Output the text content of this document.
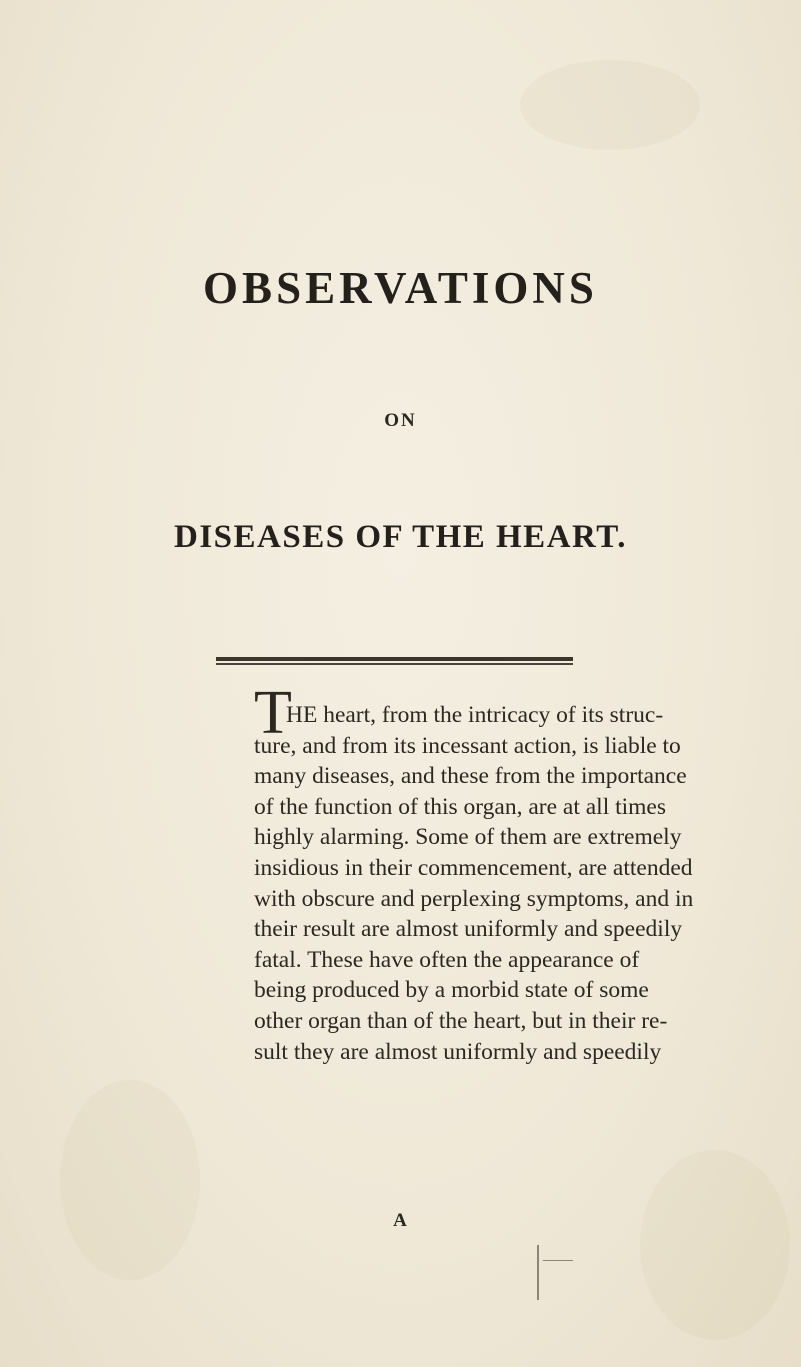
OBSERVATIONS
ON
DISEASES OF THE HEART.
T
HE heart, from the intricacy of its struc-
ture, and from its incessant action, is liable to
many diseases, and these from the importance
of the function of this organ, are at all times
highly alarming. Some of them are extremely
insidious in their commencement, are attended
with obscure and perplexing symptoms, and in
their result are almost uniformly and speedily
fatal. These have often the appearance of
being produced by a morbid state of some
other organ than of the heart, but in their re-
sult they are almost uniformly and speedily
A
